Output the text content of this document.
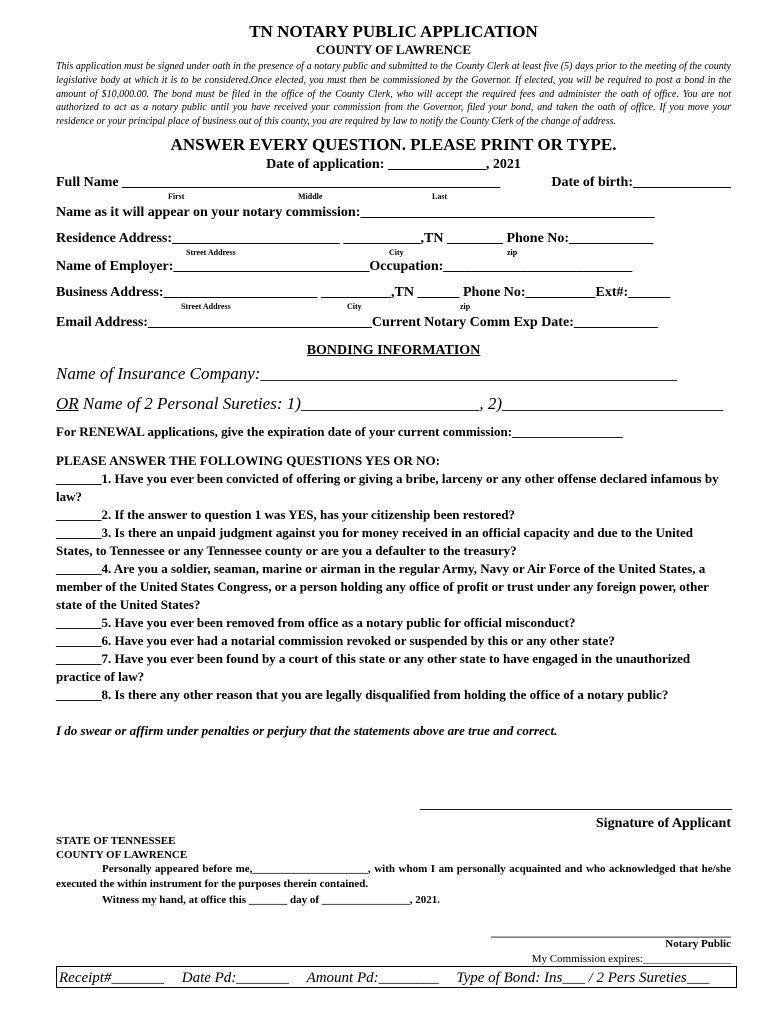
TN NOTARY PUBLIC APPLICATION
COUNTY OF LAWRENCE
This application must be signed under oath in the presence of a notary public and submitted to the County Clerk at least five (5) days prior to the meeting of the county legislative body at which it is to be considered.Once elected, you must then be commissioned by the Governor. If elected, you will be required to post a bond in the amount of $10,000.00. The bond must be filed in the office of the County Clerk, who will accept the required fees and administer the oath of office. You are not authorized to act as a notary public until you have received your commission from the Governor, filed your bond, and taken the oath of office. If you move your residence or your principal place of business out of this county, you are required by law to notify the County Clerk of the change of address.
ANSWER EVERY QUESTION. PLEASE PRINT OR TYPE.
Date of application: ______________, 2021
Full Name ______________________________________________________	Date of birth:______________
First	Middle	Last
Name as it will appear on your notary commission:__________________________________________
Residence Address:________________________ ___________,TN ________ Phone No:____________
Street Address	City	zip
Name of Employer:____________________________Occupation:___________________________
Business Address:______________________ __________,TN ______ Phone No:__________Ext#:______
Street Address	City	zip
Email Address:________________________________Current Notary Comm Exp Date:____________
BONDING INFORMATION
Name of Insurance Company:_________________________________________________
OR Name of 2 Personal Sureties: 1)_____________________, 2)__________________________
For RENEWAL applications, give the expiration date of your current commission:_________________
PLEASE ANSWER THE FOLLOWING QUESTIONS YES OR NO:
_______1. Have you ever been convicted of offering or giving a bribe, larceny or any other offense declared infamous by law?
_______2. If the answer to question 1 was YES, has your citizenship been restored?
_______3. Is there an unpaid judgment against you for money received in an official capacity and due to the United States, to Tennessee or any Tennessee county or are you a defaulter to the treasury?
_______4. Are you a soldier, seaman, marine or airman in the regular Army, Navy or Air Force of the United States, a member of the United States Congress, or a person holding any office of profit or trust under any foreign power, other state of the United States?
_______5. Have you ever been removed from office as a notary public for official misconduct?
_______6. Have you ever had a notarial commission revoked or suspended by this or any other state?
_______7. Have you ever been found by a court of this state or any other state to have engaged in the unauthorized practice of law?
_______8. Is there any other reason that you are legally disqualified from holding the office of a notary public?
I do swear or affirm under penalties or perjury that the statements above are true and correct.
________________________________________________
Signature of Applicant
STATE OF TENNESSEE
COUNTY OF LAWRENCE
Personally appeared before me,_____________________, with whom I am personally acquainted and who acknowledged that he/she executed the within instrument for the purposes therein contained.
Witness my hand, at office this _______ day of ________________, 2021.
________________________________________
Notary Public
My Commission expires:________________
Receipt#_______ Date Pd:_______ Amount Pd:________ Type of Bond: Ins___ / 2 Pers Sureties___
